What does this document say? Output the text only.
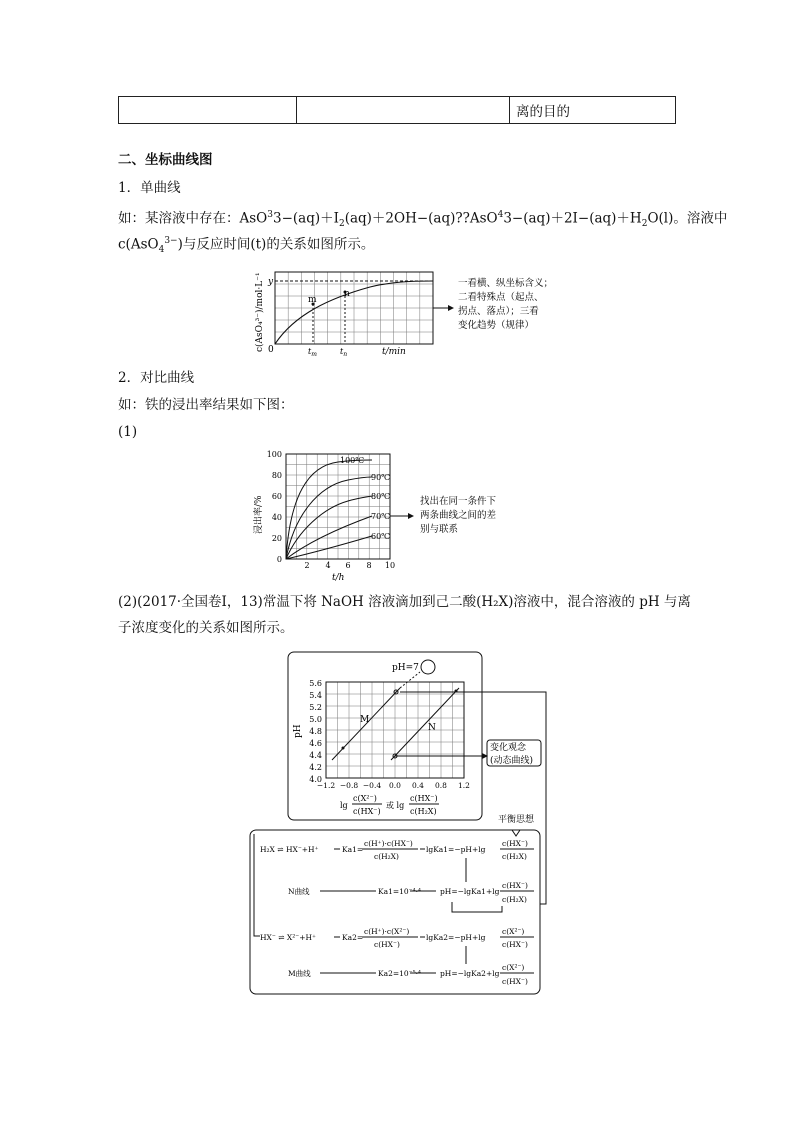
		离的目的
二、坐标曲线图
1．单曲线
如：某溶液中存在：$AsO^33-(aq)+I_2(aq)+2OH-(aq)??AsO^43-(aq)+2I-(aq)+H_2O(l)$。溶液中
c(AsO$_4^{3-}$)与反应时间(t)的关系如图所示。
c(AsO₄³⁻)/mol·L⁻¹ y
0
m
n
$t_m$	$t_n$	t/min
一看横、纵坐标含义； 二看特殊点（起点、 拐点、落点）；三看 变化趋势（规律）
2．对比曲线
如：铁的浸出率结果如下图：
(1)
浸出率/%
100
80
60
40
20
0
2 4 6 8 10
t/h
100℃
90℃
80℃
70℃
60℃
找出在同一条件下 两条曲线之间的差 别与联系
(2)(2017·全国卷Ⅰ，13)常温下将 NaOH 溶液滴加到己二酸(H₂X)溶液中，混合溶液的 pH 与离
子浓度变化的关系如图所示。
pH
pH=7
5.6
5.4
5.2
5.0
4.8
4.6
4.4
4.2
4.0
M
N
−1.2 −0.8 −0.4 0.0 0.4 0.8 1.2
lg
c(X²⁻)
c(HX⁻)
或 lg
c(HX⁻)
c(H₂X)
变化观念
(动态曲线)
平衡思想
H₂X ⇌ HX⁻+H⁺	Ka1=
c(H⁺)·c(HX⁻)
c(H₂X)
lgKa1=−pH+lg
c(HX⁻)
c(H₂X)
N曲线	Ka1=10⁻⁴·⁴	pH=−lgKa1+lg
c(HX⁻)
c(H₂X)
HX⁻ ⇌ X²⁻+H⁺	Ka2=
c(H⁺)·c(X²⁻)
c(HX⁻)
lgKa2=−pH+lg
c(X²⁻)
c(HX⁻)
M曲线	Ka2=10⁻⁵·⁴	pH=−lgKa2+lg
c(X²⁻)
c(HX⁻)
